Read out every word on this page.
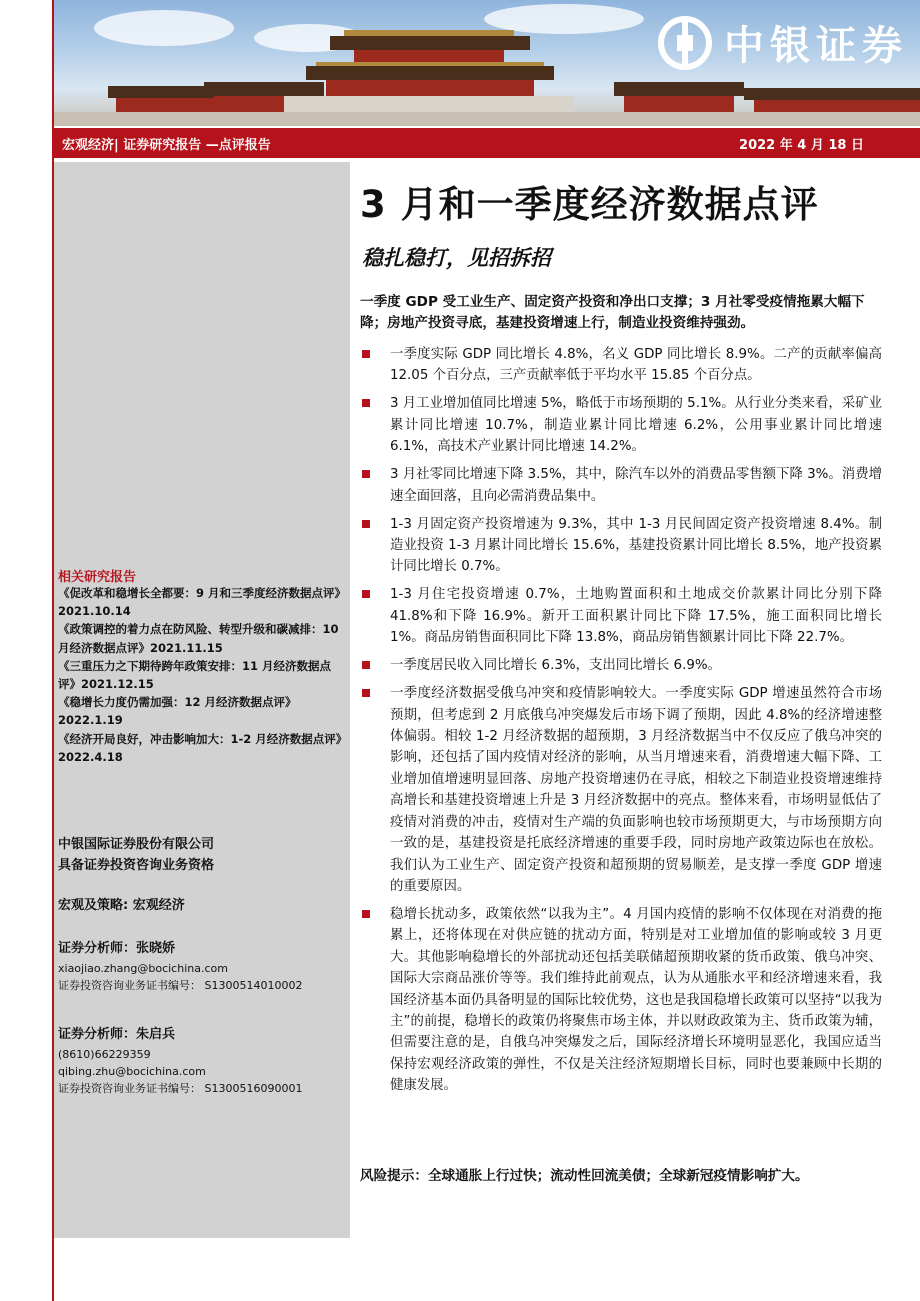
中银证券
宏观经济| 证券研究报告 —点评报告	2022 年 4 月 18 日
相关研究报告
《促改革和稳增长全都要：9 月和三季度经济数据点评》2021.10.14
《政策调控的着力点在防风险、转型升级和碳减排：10 月经济数据点评》2021.11.15
《三重压力之下期待跨年政策安排：11 月经济数据点评》2021.12.15
《稳增长力度仍需加强：12 月经济数据点评》2022.1.19
《经济开局良好，冲击影响加大：1-2 月经济数据点评》2022.4.18
中银国际证券股份有限公司
具备证券投资咨询业务资格
宏观及策略: 宏观经济
证券分析师：张晓娇
xiaojiao.zhang@bocichina.com
证券投资咨询业务证书编号： S1300514010002
证券分析师：朱启兵
(8610)66229359
qibing.zhu@bocichina.com
证券投资咨询业务证书编号： S1300516090001
3 月和一季度经济数据点评
稳扎稳打，见招拆招
一季度 GDP 受工业生产、固定资产投资和净出口支撑；3 月社零受疫情拖累大幅下降；房地产投资寻底，基建投资增速上行，制造业投资维持强劲。
一季度实际 GDP 同比增长 4.8%，名义 GDP 同比增长 8.9%。二产的贡献率偏高 12.05 个百分点，三产贡献率低于平均水平 15.85 个百分点。
3 月工业增加值同比增速 5%，略低于市场预期的 5.1%。从行业分类来看，采矿业累计同比增速 10.7%，制造业累计同比增速 6.2%，公用事业累计同比增速 6.1%，高技术产业累计同比增速 14.2%。
3 月社零同比增速下降 3.5%，其中，除汽车以外的消费品零售额下降 3%。消费增速全面回落，且向必需消费品集中。
1-3 月固定资产投资增速为 9.3%，其中 1-3 月民间固定资产投资增速 8.4%。制造业投资 1-3 月累计同比增长 15.6%，基建投资累计同比增长 8.5%，地产投资累计同比增长 0.7%。
1-3 月住宅投资增速 0.7%，土地购置面积和土地成交价款累计同比分别下降 41.8%和下降 16.9%。新开工面积累计同比下降 17.5%，施工面积同比增长 1%。商品房销售面积同比下降 13.8%，商品房销售额累计同比下降 22.7%。
一季度居民收入同比增长 6.3%，支出同比增长 6.9%。
一季度经济数据受俄乌冲突和疫情影响较大。一季度实际 GDP 增速虽然符合市场预期，但考虑到 2 月底俄乌冲突爆发后市场下调了预期，因此 4.8%的经济增速整体偏弱。相较 1-2 月经济数据的超预期，3 月经济数据当中不仅反应了俄乌冲突的影响，还包括了国内疫情对经济的影响，从当月增速来看，消费增速大幅下降、工业增加值增速明显回落、房地产投资增速仍在寻底，相较之下制造业投资增速维持高增长和基建投资增速上升是 3 月经济数据中的亮点。整体来看，市场明显低估了疫情对消费的冲击，疫情对生产端的负面影响也较市场预期更大，与市场预期方向一致的是，基建投资是托底经济增速的重要手段，同时房地产政策边际也在放松。我们认为工业生产、固定资产投资和超预期的贸易顺差，是支撑一季度 GDP 增速的重要原因。
稳增长扰动多，政策依然“以我为主”。4 月国内疫情的影响不仅体现在对消费的拖累上，还将体现在对供应链的扰动方面，特别是对工业增加值的影响或较 3 月更大。其他影响稳增长的外部扰动还包括美联储超预期收紧的货币政策、俄乌冲突、国际大宗商品涨价等等。我们维持此前观点，认为从通胀水平和经济增速来看，我国经济基本面仍具备明显的国际比较优势，这也是我国稳增长政策可以坚持“以我为主”的前提，稳增长的政策仍将聚焦市场主体，并以财政政策为主、货币政策为辅，但需要注意的是，自俄乌冲突爆发之后，国际经济增长环境明显恶化，我国应适当保持宏观经济政策的弹性，不仅是关注经济短期增长目标，同时也要兼顾中长期的健康发展。
风险提示：全球通胀上行过快；流动性回流美债；全球新冠疫情影响扩大。
